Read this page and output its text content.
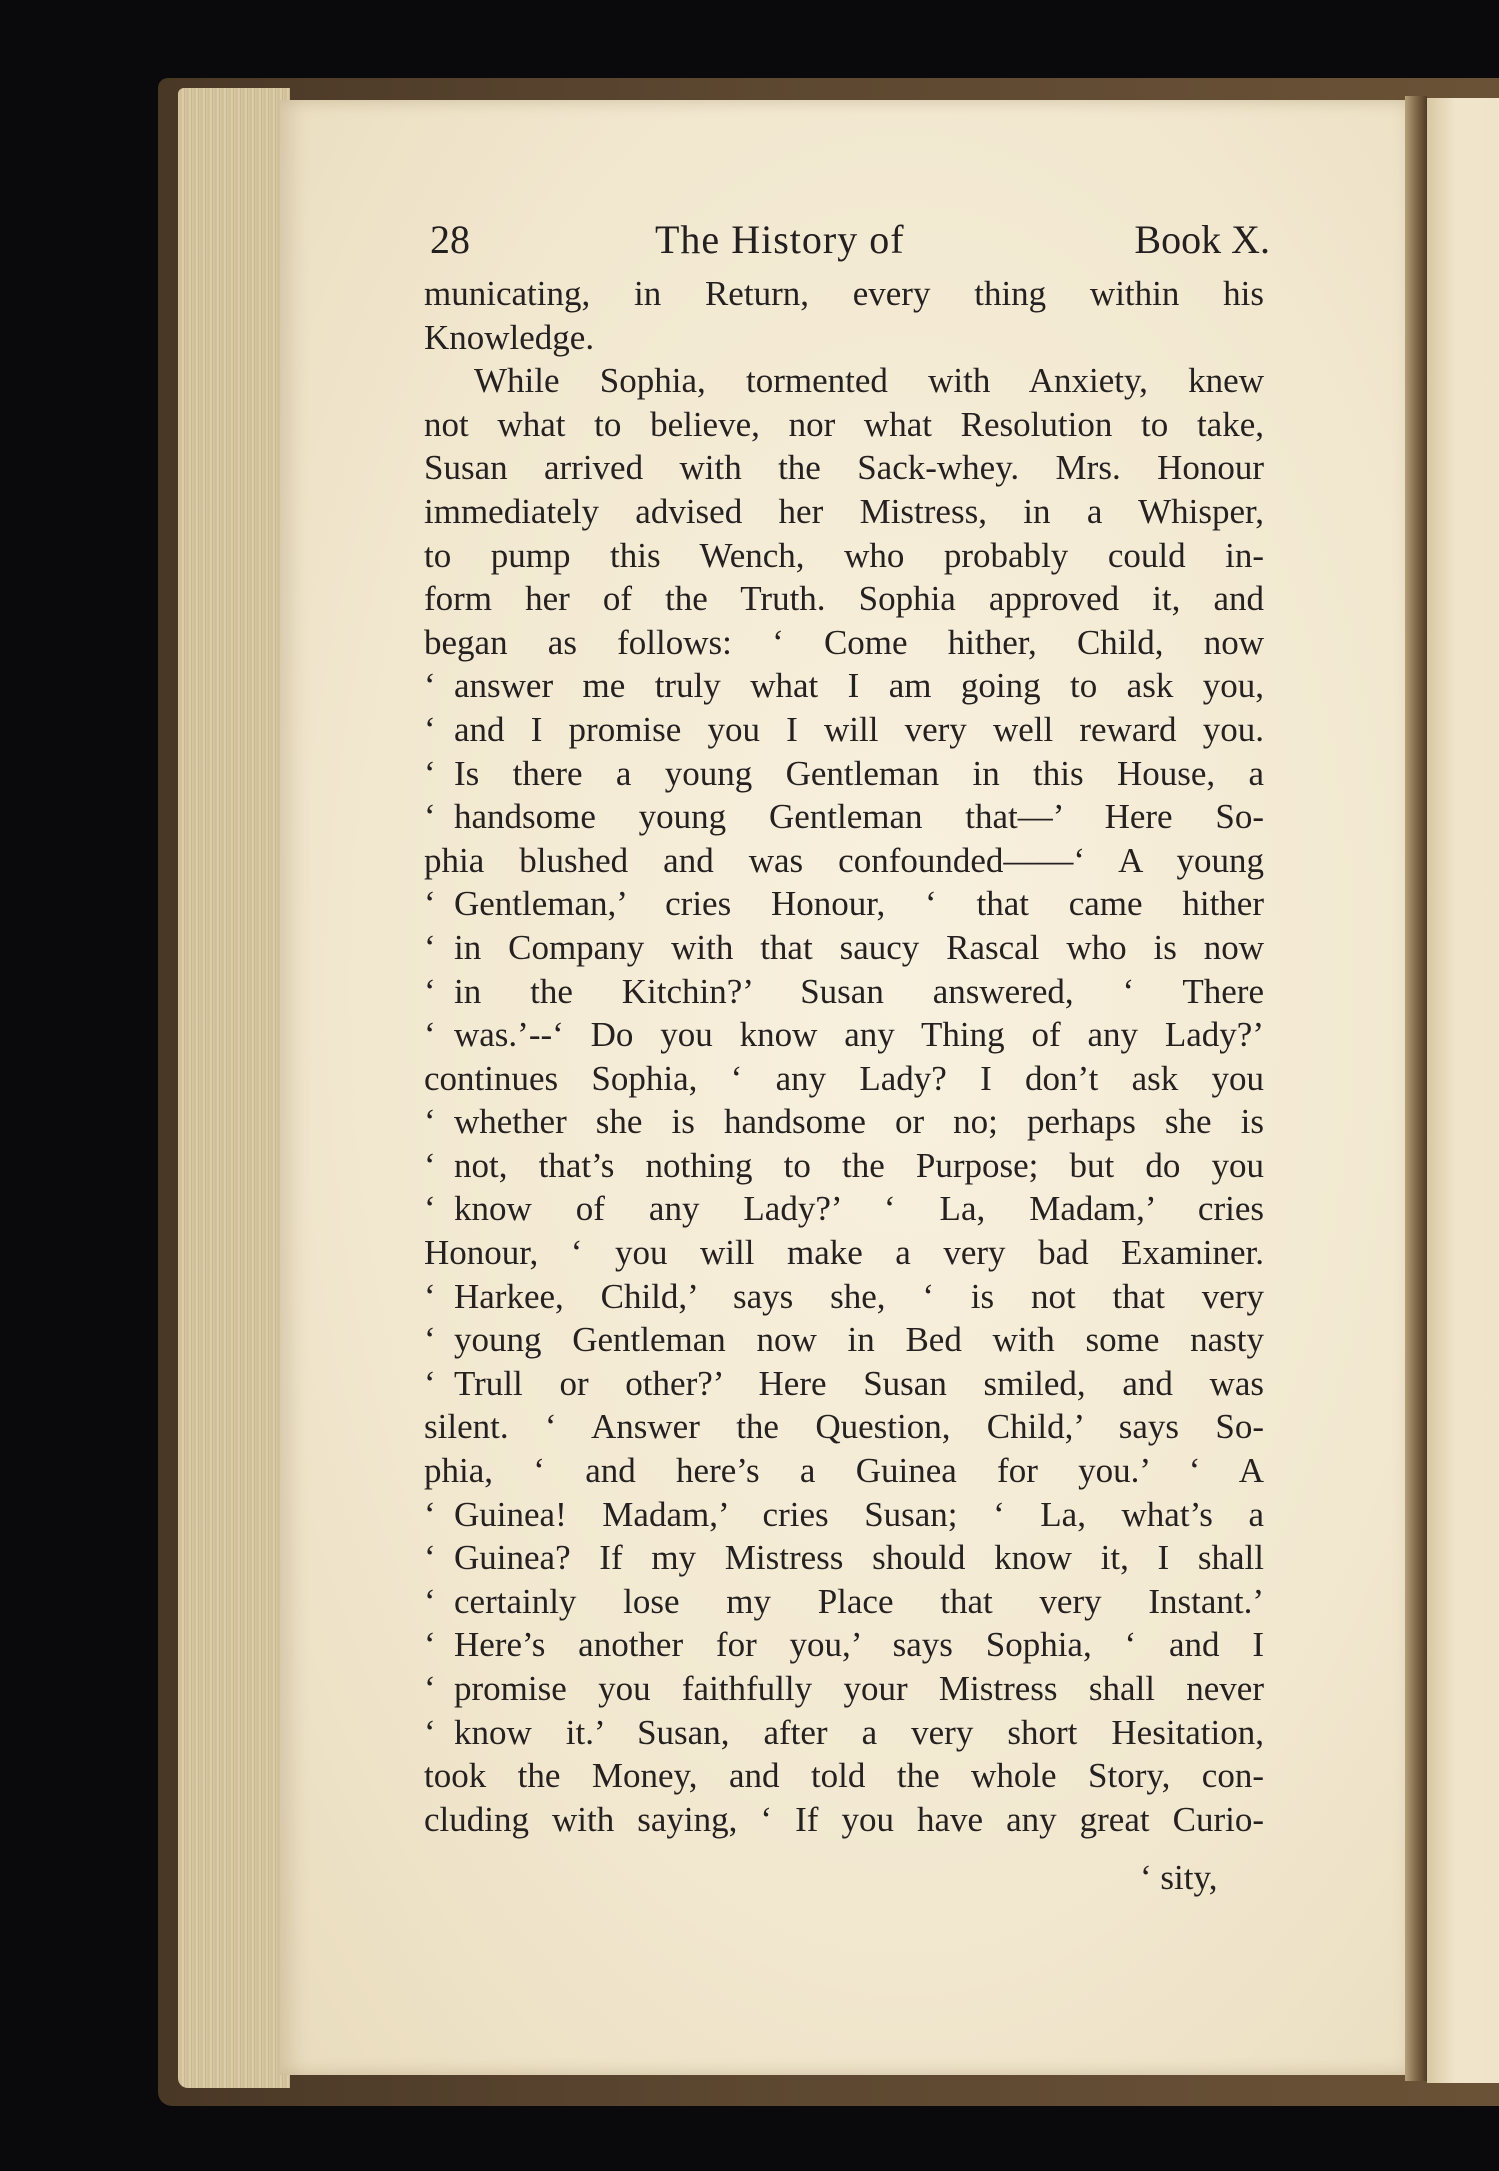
28	The History of	Book X.
municating, in Return, every thing within his
Knowledge.
While Sophia, tormented with Anxiety, knew
not what to believe, nor what Resolution to take,
Susan arrived with the Sack-whey. Mrs. Honour
immediately advised her Mistress, in a Whisper,
to pump this Wench, who probably could in-
form her of the Truth. Sophia approved it, and
began as follows: ‘ Come hither, Child, now
‘ answer me truly what I am going to ask you,
‘ and I promise you I will very well reward you.
‘ Is there a young Gentleman in this House, a
‘ handsome young Gentleman that—’ Here So-
phia blushed and was confounded——‘ A young
‘ Gentleman,’ cries Honour, ‘ that came hither
‘ in Company with that saucy Rascal who is now
‘ in the Kitchin?’ Susan answered, ‘ There
‘ was.’--‘ Do you know any Thing of any Lady?’
continues Sophia, ‘ any Lady? I don’t ask you
‘ whether she is handsome or no; perhaps she is
‘ not, that’s nothing to the Purpose; but do you
‘ know of any Lady?’ ‘ La, Madam,’ cries
Honour, ‘ you will make a very bad Examiner.
‘ Harkee, Child,’ says she, ‘ is not that very
‘ young Gentleman now in Bed with some nasty
‘ Trull or other?’ Here Susan smiled, and was
silent. ‘ Answer the Question, Child,’ says So-
phia, ‘ and here’s a Guinea for you.’ ‘ A
‘ Guinea! Madam,’ cries Susan; ‘ La, what’s a
‘ Guinea? If my Mistress should know it, I shall
‘ certainly lose my Place that very Instant.’
‘ Here’s another for you,’ says Sophia, ‘ and I
‘ promise you faithfully your Mistress shall never
‘ know it.’ Susan, after a very short Hesitation,
took the Money, and told the whole Story, con-
cluding with saying, ‘ If you have any great Curio-
‘ sity,
